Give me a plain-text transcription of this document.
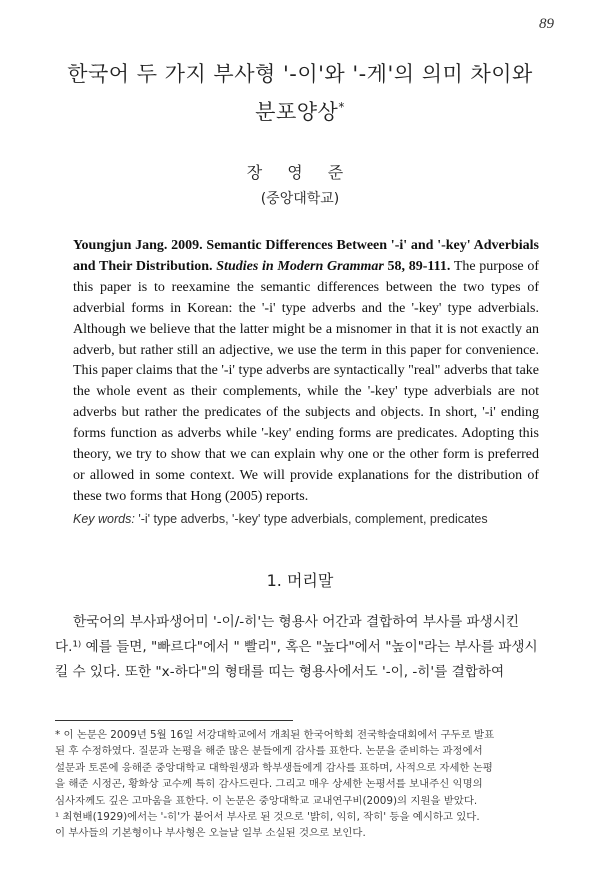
89
한국어 두 가지 부사형 '-이'와 '-게'의 의미 차이와
분포양상*
장 영 준
(중앙대학교)
Youngjun Jang. 2009. Semantic Differences Between '-i' and '-key' Adverbials and Their Distribution. Studies in Modern Grammar 58, 89-111. The purpose of this paper is to reexamine the semantic differences between the two types of adverbial forms in Korean: the '-i' type adverbs and the '-key' type adverbials. Although we believe that the latter might be a misnomer in that it is not exactly an adverb, but rather still an adjective, we use the term in this paper for convenience. This paper claims that the '-i' type adverbs are syntactically "real" adverbs that take the whole event as their complements, while the '-key' type adverbials are not adverbs but rather the predicates of the subjects and objects. In short, '-i' ending forms function as adverbs while '-key' ending forms are predicates. Adopting this theory, we try to show that we can explain why one or the other form is preferred or allowed in some context. We will provide explanations for the distribution of these two forms that Hong (2005) reports.
Key words: '-i' type adverbs, '-key' type adverbials, complement, predicates
1. 머리말
한국어의 부사파생어미 '-이/-히'는 형용사 어간과 결합하여 부사를 파생시킨
다.¹⁾ 예를 들면, "빠르다"에서 " 빨리", 혹은 "높다"에서 "높이"라는 부사를 파생시
킬 수 있다. 또한 "x-하다"의 형태를 띠는 형용사에서도 '-이, -히'를 결합하여
* 이 논문은 2009년 5월 16일 서강대학교에서 개최된 한국어학회 전국학술대회에서 구두로 발표
된 후 수정하였다. 질문과 논평을 해준 많은 분들에게 감사를 표한다. 논문을 준비하는 과정에서
설문과 토론에 응해준 중앙대학교 대학원생과 학부생들에게 감사를 표하며, 사적으로 자세한 논평
을 해준 시정곤, 황화상 교수께 특히 감사드린다. 그리고 매우 상세한 논평서를 보내주신 익명의
심사자께도 깊은 고마움을 표한다. 이 논문은 중앙대학교 교내연구비(2009)의 지원을 받았다.
¹ 최현배(1929)에서는 '-히'가 붙어서 부사로 된 것으로 '밝히, 익히, 작히' 등을 예시하고 있다.
이 부사들의 기본형이나 부사형은 오늘날 일부 소실된 것으로 보인다.
